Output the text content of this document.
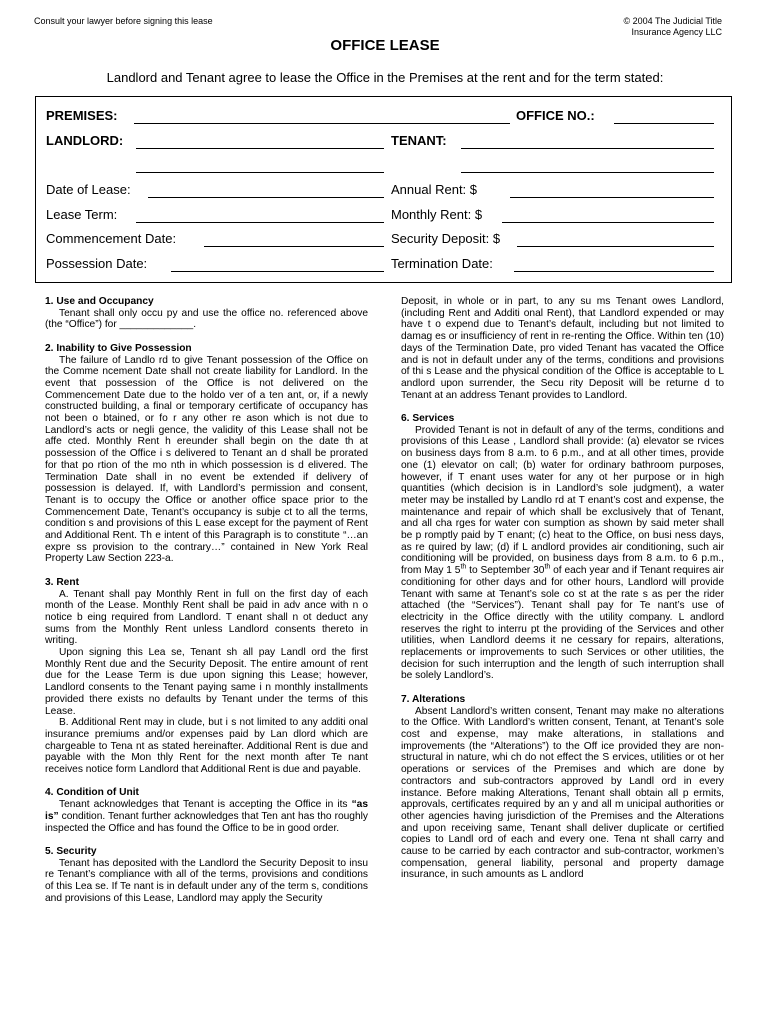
Consult your lawyer before signing this lease	© 2004 The Judicial Title
Insurance Agency LLC
OFFICE LEASE
Landlord and Tenant agree to lease the Office in the Premises at the rent and for the term stated:
PREMISES:	OFFICE NO.:
LANDLORD:	TENANT:
Date of Lease:	Annual Rent: $
Lease Term:	Monthly Rent: $
Commencement Date:	Security Deposit: $
Possession Date:	Termination Date:
1. Use and Occupancy

Tenant shall only occu py and use the office no. referenced above (the “Office”) for _____________.

2. Inability to Give Possession

The failure of Landlo rd to give Tenant possession of the Office on the Comme ncement Date shall not create liability for Landlord. In the event that possession of the Office is not delivered on the Commencement Date due to the holdo ver of a ten ant, or, if a newly constructed building, a final or temporary certificate of occupancy has not been o btained, or fo r any other re ason which is not due to Landlord’s acts or negli gence, the validity of this Lease shall not be affe cted. Monthly Rent h ereunder shall begin on the date th at possession of the Office i s delivered to Tenant an d shall be prorated for that po rtion of the mo nth in which possession is d elivered. The Termination Date shall in no event be extended if delivery of possession is delayed. If, with Landlord’s permission and consent, Tenant is to occupy the Office or another office space prior to the Commencement Date, Tenant’s occupancy is subje ct to all the terms, condition s and provisions of this L ease except for the payment of Rent and Additional Rent. Th e intent of this Paragraph is to constitute “…an expre ss provision to the contrary…” contained in New York Real Property Law Section 223-a.

3. Rent

A. Tenant shall pay Monthly Rent in full on the first day of each month of the Lease. Monthly Rent shall be paid in adv ance with n o notice b eing required from Landlord. T enant shall n ot deduct any sums from the Monthly Rent unless Landlord consents thereto in writing.

Upon signing this Lea se, Tenant sh all pay Landl ord the first Monthly Rent due and the Security Deposit. The entire amount of rent due for the Lease Term is due upon signing this Lease; however, Landlord consents to the Tenant paying same i n monthly installments provided there exists no defaults by Tenant under the terms of this Lease.

B. Additional Rent may in clude, but i s not limited to any additi onal insurance premiums and/or expenses paid by Lan dlord which are chargeable to Tena nt as stated hereinafter. Additional Rent is due and payable with the Mon thly Rent for the next month after Te nant receives notice form Landlord that Additional Rent is due and payable.

4. Condition of Unit

Tenant acknowledges that Tenant is accepting the Office in its “as is” condition. Tenant further acknowledges that Ten ant has tho roughly inspected the Office and has found the Office to be in good order.

5. Security

Tenant has deposited with the Landlord the Security Deposit to insu re Tenant’s compliance with all of the terms, provisions and conditions of this Lea se. If Te nant is in default under any of the term s, conditions and provisions of this Lease, Landlord may apply the Security

Deposit, in whole or in part, to any su ms Tenant owes Landlord, (including Rent and Additi onal Rent), that Landlord expended or may have t o expend due to Tenant’s default, including but not limited to damag es or insufficiency of rent in re-renting the Office. Within ten (10) days of the Termination Date, pro vided Tenant has vacated the Office and is not in default under any of the terms, conditions and provisions of thi s Lease and the physical condition of the Office is acceptable to L andlord upon surrender, the Secu rity Deposit will be returne d to Tenant at an address Tenant provides to Landlord.

6. Services

Provided Tenant is not in default of any of the terms, conditions and provisions of this Lease , Landlord shall provide: (a) elevator se rvices on business days from 8 a.m. to 6 p.m., and at all other times, provide one (1) elevator on call; (b) water for ordinary bathroom purposes, however, if T enant uses water for any ot her purpose or in high quantities (which decision is in Landlord’s sole judgment), a water meter may be installed by Landlo rd at T enant’s cost and expense, the maintenance and repair of which shall be exclusively that of Tenant, and all cha rges for water con sumption as shown by said meter shall be p romptly paid by T enant; (c) heat to the Office, on busi ness days, as re quired by law; (d) if L andlord provides air conditioning, such air conditioning will be provided, on business days from 8 a.m. to 6 p.m., from May 1 5th to September 30th of each year and if Tenant requires air conditioning for other days and for other hours, Landlord will provide Tenant with same at Tenant’s sole co st at the rate s as per the rider attached (the “Services”). Tenant shall pay for Te nant’s use of electricity in the Office directly with the utility company. L andlord reserves the right to interru pt the providing of the Services and other utilities, when Landlord deems it ne cessary for repairs, alterations, replacements or improvements to such Services or other utilities, the decision for such interruption and the length of such interruption shall be solely Landlord’s.

7. Alterations

Absent Landlord’s written consent, Tenant may make no alterations to the Office. With Landlord’s written consent, Tenant, at Tenant’s sole cost and expense, may make alterations, in stallations and improvements (the “Alterations”) to the Off ice provided they are non-structural in nature, whi ch do not effect the S ervices, utilities or ot her operations or services of the Premises and which are done by contractors and sub-contractors approved by Landl ord in every instance. Before making Alterations, Tenant shall obtain all p ermits, approvals, certificates required by an y and all m unicipal authorities or other agencies having jurisdiction of the Premises and the Alterations and upon receiving same, Tenant shall deliver duplicate or certified copies to Landl ord of each and every one. Tena nt shall carry and cause to be carried by each contractor and sub-contractor, workmen’s compensation, general liability, personal and property damage insurance, in such amounts as L andlord
